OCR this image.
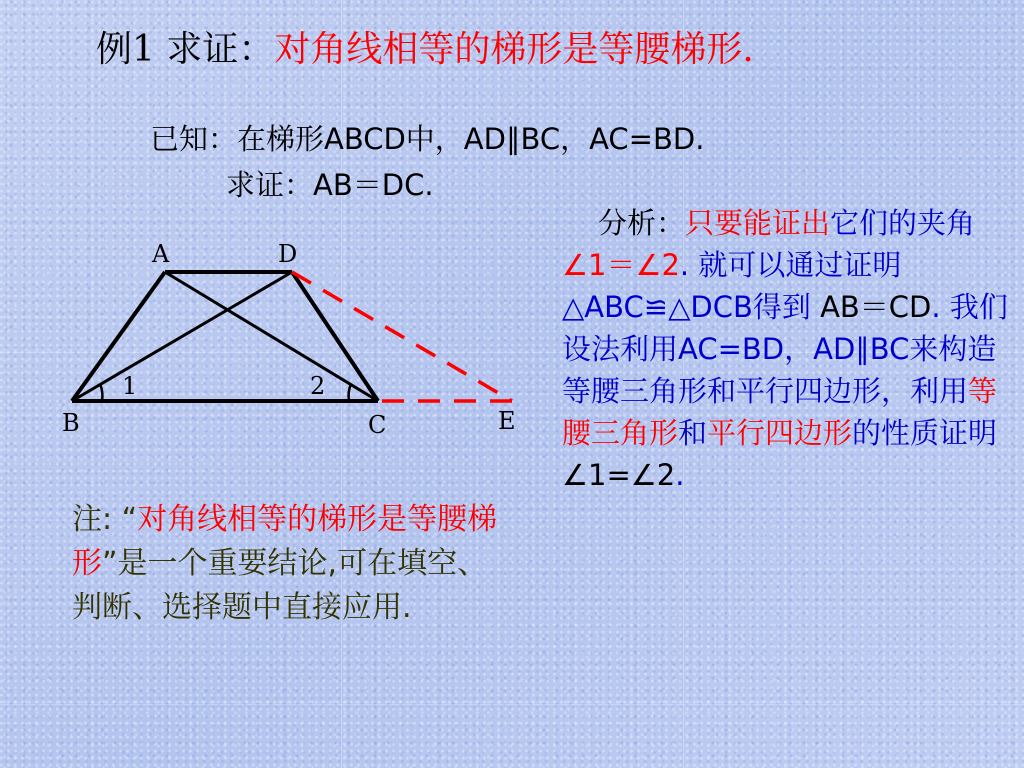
例1 求证：对角线相等的梯形是等腰梯形.
已知：在梯形ABCD中，AD∥BC，AC=BD.
求证：AB＝DC.
A	D
B	C	E
1	2
分析：只要能证出它们的夹角∠1＝∠2. 就可以通过证明△ABC≌△DCB得到 AB＝CD. 我们设法利用AC=BD，AD∥BC来构造等腰三角形和平行四边形，利用等腰三角形和平行四边形的性质证明∠1=∠2.
注: “对角线相等的梯形是等腰梯形”是一个重要结论,可在填空、判断、选择题中直接应用.
